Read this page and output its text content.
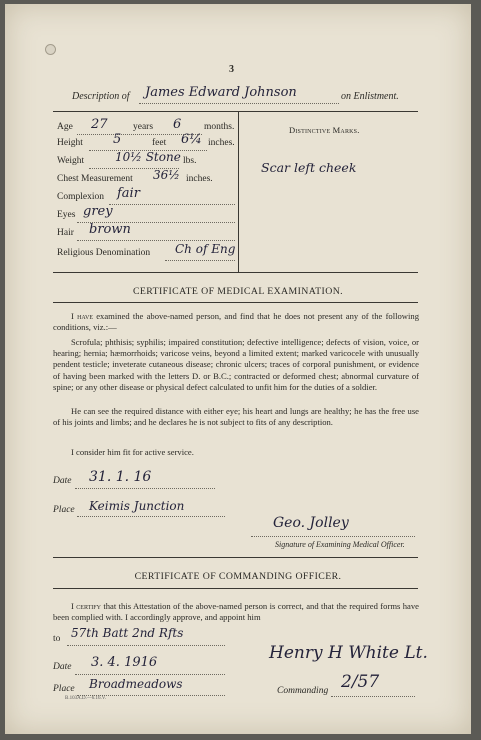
3
Description of James Edward Johnson	on Enlistment.
Age 27	years 6 months.
Height 5	feet 6¼ inches.
Weight	10½ Stone lbs.
Chest Measurement 36½ inches.
Complexion fair
Eyes grey
Hair brown
Religious Denomination Ch of Eng
Distinctive Marks.
Scar left cheek
CERTIFICATE OF MEDICAL EXAMINATION.
I have examined the above-named person, and find that he does not present any of the following conditions, viz.:—
Scrofula; phthisis; syphilis; impaired constitution; defective intelligence; defects of vision, voice, or hearing; hernia; hæmorrhoids; varicose veins, beyond a limited extent; marked varicocele with unusually pendent testicle; inveterate cutaneous disease; chronic ulcers; traces of corporal punishment, or evidence of having been marked with the letters D. or B.C.; contracted or deformed chest; abnormal curvature of spine; or any other disease or physical defect calculated to unfit him for the duties of a soldier.
He can see the required distance with either eye; his heart and lungs are healthy; he has the free use of his joints and limbs; and he declares he is not subject to fits of any description.
I consider him fit for active service.
Date 31. 1. 16
Place Keimis Junction
Geo. Jolley
Signature of Examining Medical Officer.
CERTIFICATE OF COMMANDING OFFICER.
I certify that this Attestation of the above-named person is correct, and that the required forms have been complied with. I accordingly approve, and appoint him
to 57th Batt 2nd Rfts
Date 3. 4. 1916	Henry H White Lt.
Place Broadmeadows	Commanding 2/57
B.103A.D.—6.16.V.
